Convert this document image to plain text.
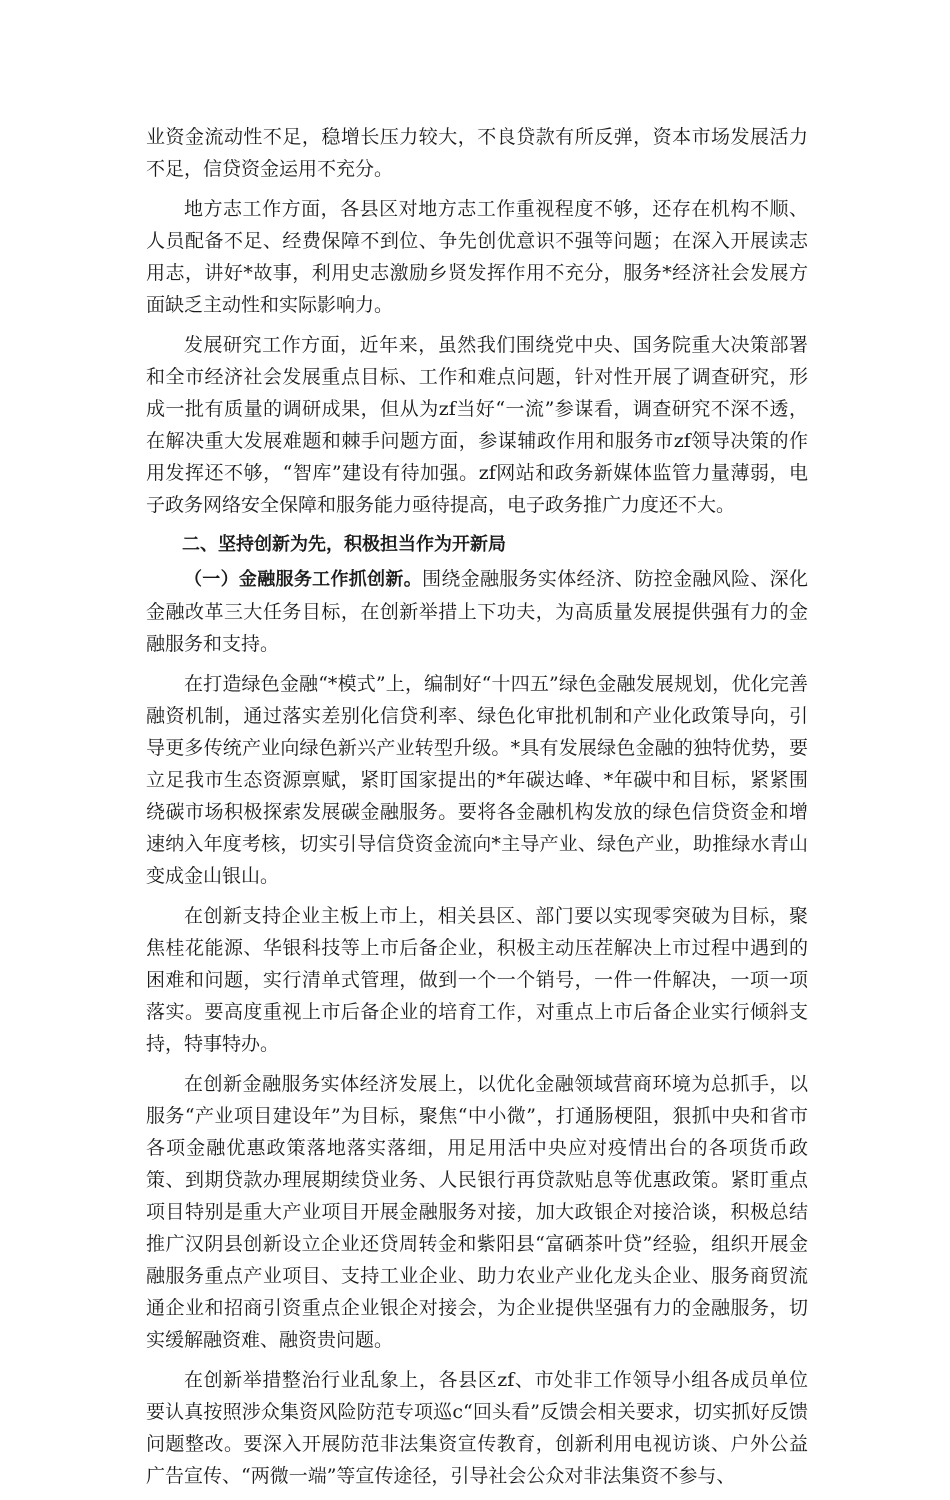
业资金流动性不足，稳增长压力较大，不良贷款有所反弹，资本市场发展活力不足，信贷资金运用不充分。

地方志工作方面，各县区对地方志工作重视程度不够，还存在机构不顺、人员配备不足、经费保障不到位、争先创优意识不强等问题；在深入开展读志用志，讲好*故事，利用史志激励乡贤发挥作用不充分，服务*经济社会发展方面缺乏主动性和实际影响力。

发展研究工作方面，近年来，虽然我们围绕党中央、国务院重大决策部署和全市经济社会发展重点目标、工作和难点问题，针对性开展了调查研究，形成一批有质量的调研成果，但从为zf当好“一流”参谋看，调查研究不深不透，在解决重大发展难题和棘手问题方面，参谋辅政作用和服务市zf领导决策的作用发挥还不够，“智库”建设有待加强。zf网站和政务新媒体监管力量薄弱，电子政务网络安全保障和服务能力亟待提高，电子政务推广力度还不大。

二、坚持创新为先，积极担当作为开新局

（一）金融服务工作抓创新。围绕金融服务实体经济、防控金融风险、深化金融改革三大任务目标，在创新举措上下功夫，为高质量发展提供强有力的金融服务和支持。

在打造绿色金融“*模式”上，编制好“十四五”绿色金融发展规划，优化完善融资机制，通过落实差别化信贷利率、绿色化审批机制和产业化政策导向，引导更多传统产业向绿色新兴产业转型升级。*具有发展绿色金融的独特优势，要立足我市生态资源禀赋，紧盯国家提出的*年碳达峰、*年碳中和目标，紧紧围绕碳市场积极探索发展碳金融服务。要将各金融机构发放的绿色信贷资金和增速纳入年度考核，切实引导信贷资金流向*主导产业、绿色产业，助推绿水青山变成金山银山。

在创新支持企业主板上市上，相关县区、部门要以实现零突破为目标，聚焦桂花能源、华银科技等上市后备企业，积极主动压茬解决上市过程中遇到的困难和问题，实行清单式管理，做到一个一个销号，一件一件解决，一项一项落实。要高度重视上市后备企业的培育工作，对重点上市后备企业实行倾斜支持，特事特办。

在创新金融服务实体经济发展上，以优化金融领域营商环境为总抓手，以服务“产业项目建设年”为目标，聚焦“中小微”，打通肠梗阻，狠抓中央和省市各项金融优惠政策落地落实落细，用足用活中央应对疫情出台的各项货币政策、到期贷款办理展期续贷业务、人民银行再贷款贴息等优惠政策。紧盯重点项目特别是重大产业项目开展金融服务对接，加大政银企对接洽谈，积极总结推广汉阴县创新设立企业还贷周转金和紫阳县“富硒茶叶贷”经验，组织开展金融服务重点产业项目、支持工业企业、助力农业产业化龙头企业、服务商贸流通企业和招商引资重点企业银企对接会，为企业提供坚强有力的金融服务，切实缓解融资难、融资贵问题。

在创新举措整治行业乱象上，各县区zf、市处非工作领导小组各成员单位要认真按照涉众集资风险防范专项巡c“回头看”反馈会相关要求，切实抓好反馈问题整改。要深入开展防范非法集资宣传教育，创新利用电视访谈、户外公益广告宣传、“两微一端”等宣传途径，引导社会公众对非法集资不参与、
